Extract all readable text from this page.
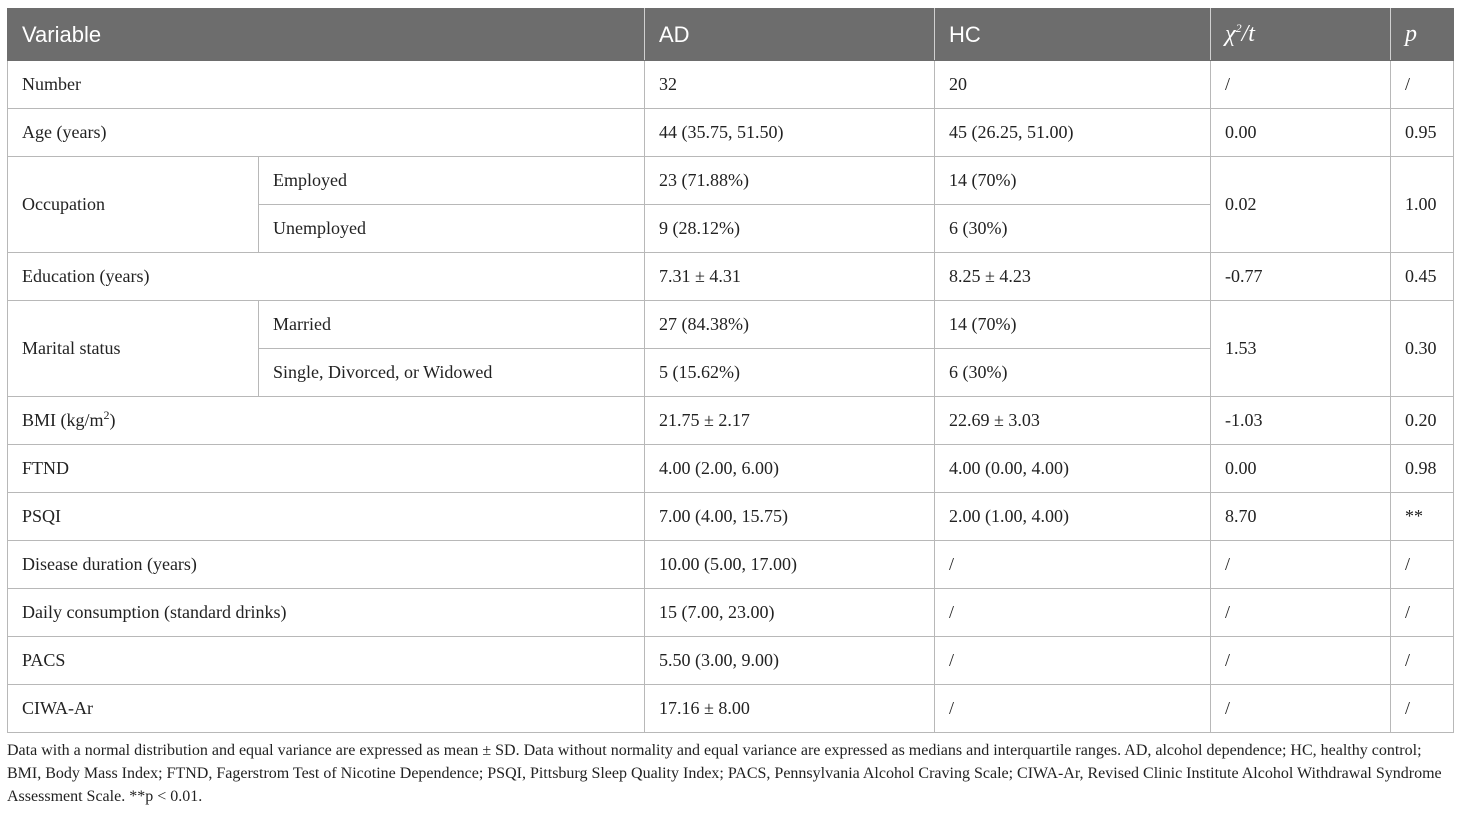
Variable		AD	HC	$\chi^2/t$	p
Number		32	20	/	/
Age (years)		44 (35.75, 51.50)	45 (26.25, 51.00)	0.00	0.95
Occupation	Employed	23 (71.88%)	14 (70%)	0.02	1.00
	Unemployed	9 (28.12%)	6 (30%)		
Education (years)		7.31 ± 4.31	8.25 ± 4.23	-0.77	0.45
Marital status	Married	27 (84.38%)	14 (70%)	1.53	0.30
	Single, Divorced, or Widowed	5 (15.62%)	6 (30%)		
BMI $(kg/m^2)$		21.75 ± 2.17	22.69 ± 3.03	-1.03	0.20
FTND		4.00 (2.00, 6.00)	4.00 (0.00, 4.00)	0.00	0.98
PSQI		7.00 (4.00, 15.75)	2.00 (1.00, 4.00)	8.70	**
Disease duration (years)		10.00 (5.00, 17.00)	/	/	/
Daily consumption (standard drinks)		15 (7.00, 23.00)	/	/	/
PACS		5.50 (3.00, 9.00)	/	/	/
CIWA-Ar		17.16 ± 8.00	/	/	/
Data with a normal distribution and equal variance are expressed as mean ± SD. Data without normality and equal variance are expressed as medians and interquartile ranges. AD, alcohol dependence; HC, healthy control; BMI, Body Mass Index; FTND, Fagerstrom Test of Nicotine Dependence; PSQI, Pittsburg Sleep Quality Index; PACS, Pennsylvania Alcohol Craving Scale; CIWA-Ar, Revised Clinic Institute Alcohol Withdrawal Syndrome Assessment Scale. **p < 0.01.
